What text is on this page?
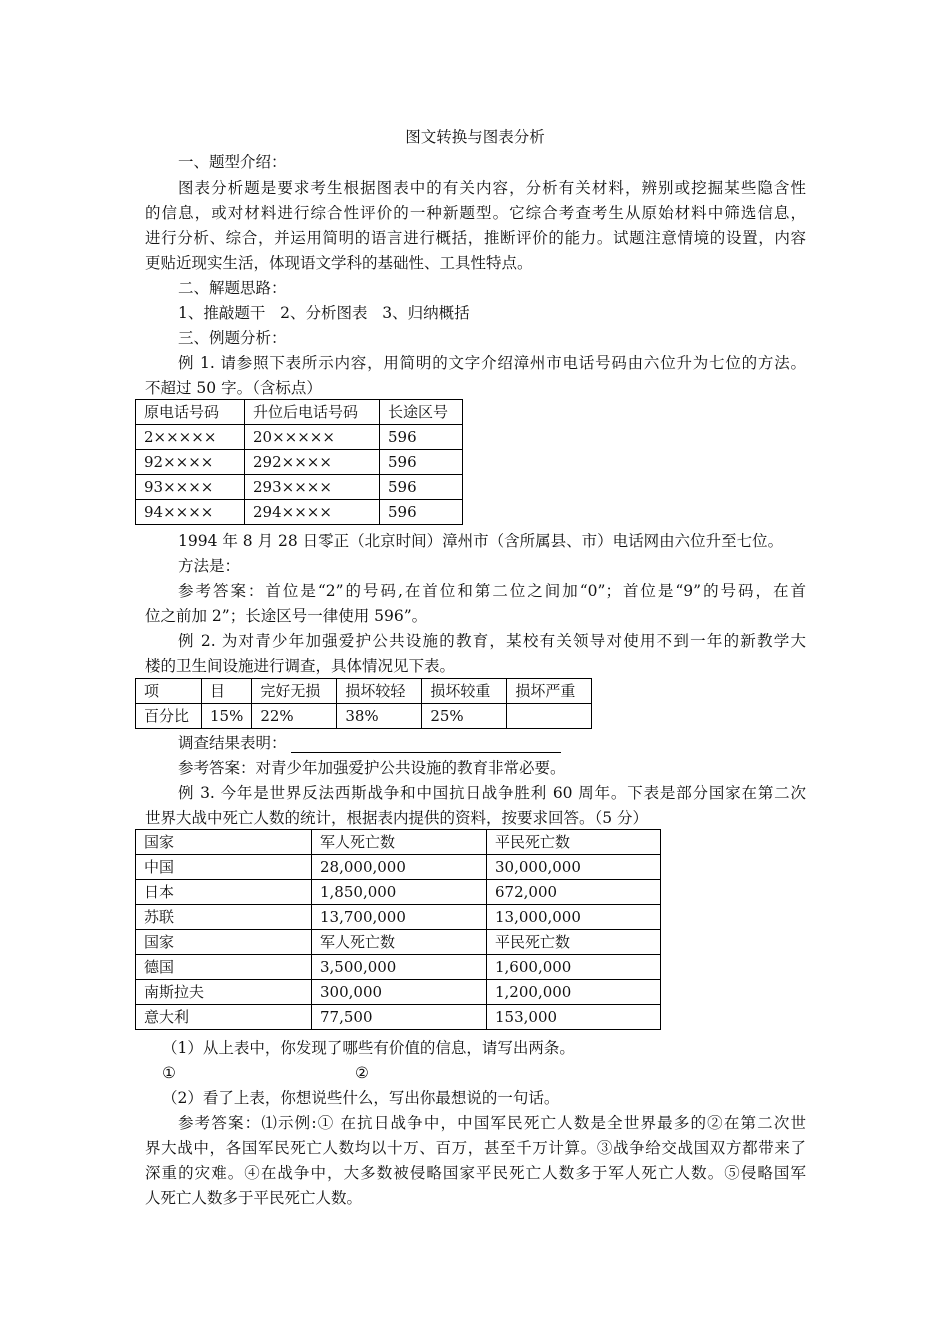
图文转换与图表分析
一、题型介绍：
图表分析题是要求考生根据图表中的有关内容，分析有关材料，辨别或挖掘某些隐含性
的信息，或对材料进行综合性评价的一种新题型。它综合考查考生从原始材料中筛选信息，
进行分析、综合，并运用简明的语言进行概括，推断评价的能力。试题注意情境的设置，内容
更贴近现实生活，体现语文学科的基础性、工具性特点。
二、解题思路：
1、推敲题干   2、分析图表   3、归纳概括
三、例题分析：
例 1. 请参照下表所示内容，用简明的文字介绍漳州市电话号码由六位升为七位的方法。
不超过 50 字。（含标点）
原电话号码	升位后电话号码	长途区号
2×××××	20×××××	596
92××××	292××××	596
93××××	293××××	596
94××××	294××××	596
1994 年 8 月 28 日零正（北京时间）漳州市（含所属县、市）电话网由六位升至七位。
方法是：
参考答案：首位是“2”的号码,在首位和第二位之间加“0”；首位是“9”的号码，在首
位之前加 2”；长途区号一律使用 596”。
例 2. 为对青少年加强爱护公共设施的教育，某校有关领导对使用不到一年的新教学大
楼的卫生间设施进行调查，具体情况见下表。
项	目	完好无损	损坏较轻	损坏较重	损坏严重
百分比	15%	22%	38%	25%	
调查结果表明：
参考答案：对青少年加强爱护公共设施的教育非常必要。
例 3. 今年是世界反法西斯战争和中国抗日战争胜利 60 周年。下表是部分国家在第二次
世界大战中死亡人数的统计，根据表内提供的资料，按要求回答。（5 分）
国家	军人死亡数	平民死亡数
中国	28,000,000	30,000,000
日本	1,850,000	672,000
苏联	13,700,000	13,000,000
国家	军人死亡数	平民死亡数
德国	3,500,000	1,600,000
南斯拉夫	300,000	1,200,000
意大利	77,500	153,000
（1）从上表中，你发现了哪些有价值的信息，请写出两条。
①	②
（2）看了上表，你想说些什么，写出你最想说的一句话。
参考答案：⑴示例:① 在抗日战争中，中国军民死亡人数是全世界最多的②在第二次世
界大战中，各国军民死亡人数均以十万、百万，甚至千万计算。③战争给交战国双方都带来了
深重的灾难。④在战争中，大多数被侵略国家平民死亡人数多于军人死亡人数。⑤侵略国军
人死亡人数多于平民死亡人数。
